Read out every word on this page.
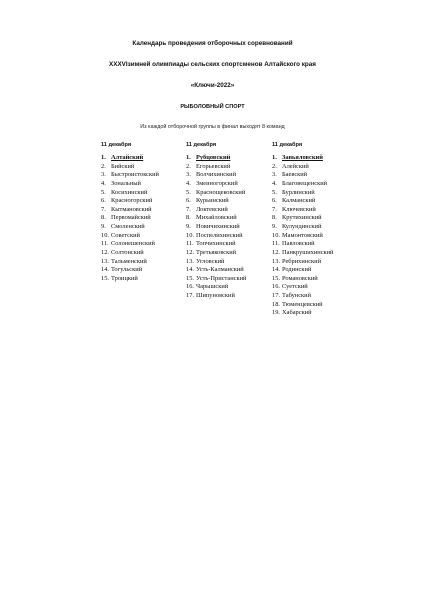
Календарь проведения отборочных соревнований
XXXVIзимней олимпиады сельских спортсменов Алтайского края
«Ключи-2022»
РЫБОЛОВНЫЙ СПОРТ
Из каждой отборочной группы в финал выходят 8 команд
11 декабря
1. Алтайский
2. Бийский
3. Быстроистокский
4. Зональный
5. Косихинский
6. Красногорский
7. Кытмановский
8. Первомайский
9. Смоленский
10. Советский
11. Солонешенский
12. Солтонский
13. Тальменский
14. Тогульский
15. Троицкий
11 декабря
1. Рубцовский
2. Егорьевский
3. Волчихинский
4. Змеиногорский
5. Краснощековский
6. Курьинский
7. Локтевский
8. Михайловский
9. Новичихинский
10. Поспелихинский
11. Топчихинский
12. Третьяковский
13. Угловский
14. Усть-Калманский
15. Усть-Пристанский
16. Чарышский
17. Шипуновский
11 декабря
1. Завьяловский
2. Алейский
3. Баевский
4. Благовещенский
5. Бурлинский
6. Калманский
7. Ключевский
8. Крутихинский
9. Кулундинский
10. Мамонтовский
11. Павловский
12. Панкрушихинский
13. Ребрихинский
14. Родинский
15. Романовский
16. Суетский
17. Табунский
18. Тюменцевский
19. Хабарский
